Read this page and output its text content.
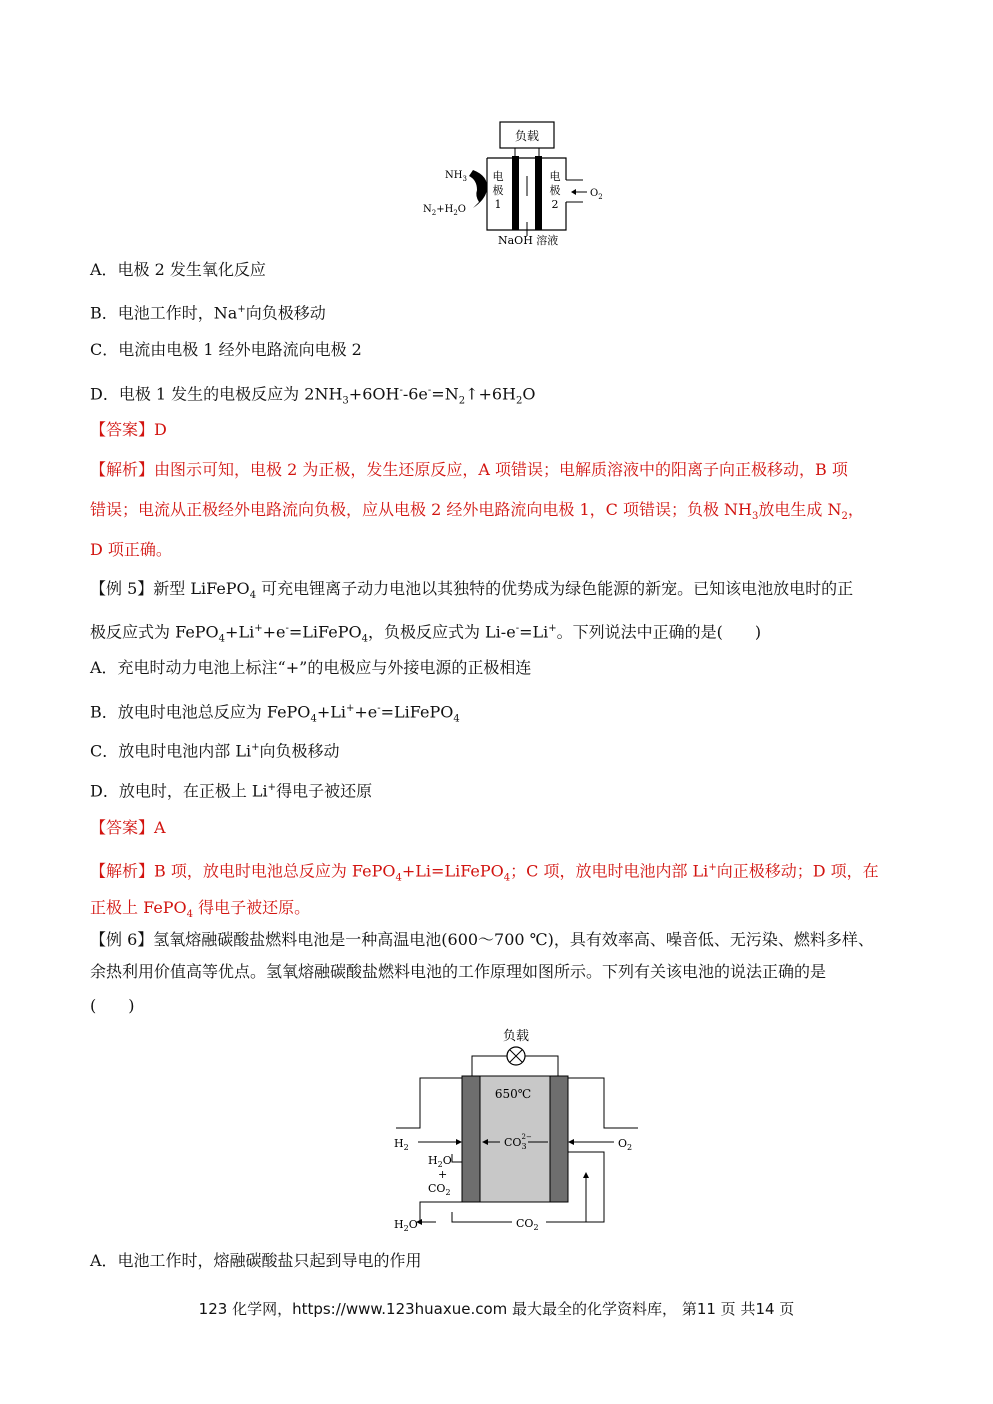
负载
电
极
1
电
极
2
$NH_3$
$N_2+H_2O$
$O_2$
NaOH 溶液
A．电极 2 发生氧化反应
B．电池工作时，Na+向负极移动
C．电流由电极 1 经外电路流向电极 2
D．电极 1 发生的电极反应为 $2NH_3+6OH^--6e^-=N_2↑+6H_2O$
【答案】D
【解析】由图示可知，电极 2 为正极，发生还原反应，A 项错误；电解质溶液中的阳离子向正极移动，B 项
错误；电流从正极经外电路流向负极，应从电极 2 经外电路流向电极 1，C 项错误；负极 $NH_3$放电生成 $N_2$，
D 项正确。
【例 5】新型 LiFePO$_4$ 可充电锂离子动力电池以其独特的优势成为绿色能源的新宠。已知该电池放电时的正
极反应式为 FePO$_4$+Li++e-=LiFePO$_4$，负极反应式为 Li-e-=Li+。下列说法中正确的是(　　)
A．充电时动力电池上标注“+”的电极应与外接电源的正极相连
B．放电时电池总反应为 FePO$_4$+Li++e-=LiFePO$_4$
C．放电时电池内部 Li+向负极移动
D．放电时，在正极上 Li+得电子被还原
【答案】A
【解析】B 项，放电时电池总反应为 FePO$_4$+Li=LiFePO$_4$；C 项，放电时电池内部 Li+向正极移动；D 项，在
正极上 FePO$_4$ 得电子被还原。
【例 6】氢氧熔融碳酸盐燃料电池是一种高温电池(600～700 ℃)，具有效率高、噪音低、无污染、燃料多样、
余热利用价值高等优点。氢氧熔融碳酸盐燃料电池的工作原理如图所示。下列有关该电池的说法正确的是
(　　)
负载
650℃
$H_2$	$O_2$
$CO_32-$
$H_2O$
+
$CO_2$
$H_2O$	$CO_2$
A．电池工作时，熔融碳酸盐只起到导电的作用
123 化学网，https://www.123huaxue.com 最大最全的化学资料库， 第11 页 共14 页
